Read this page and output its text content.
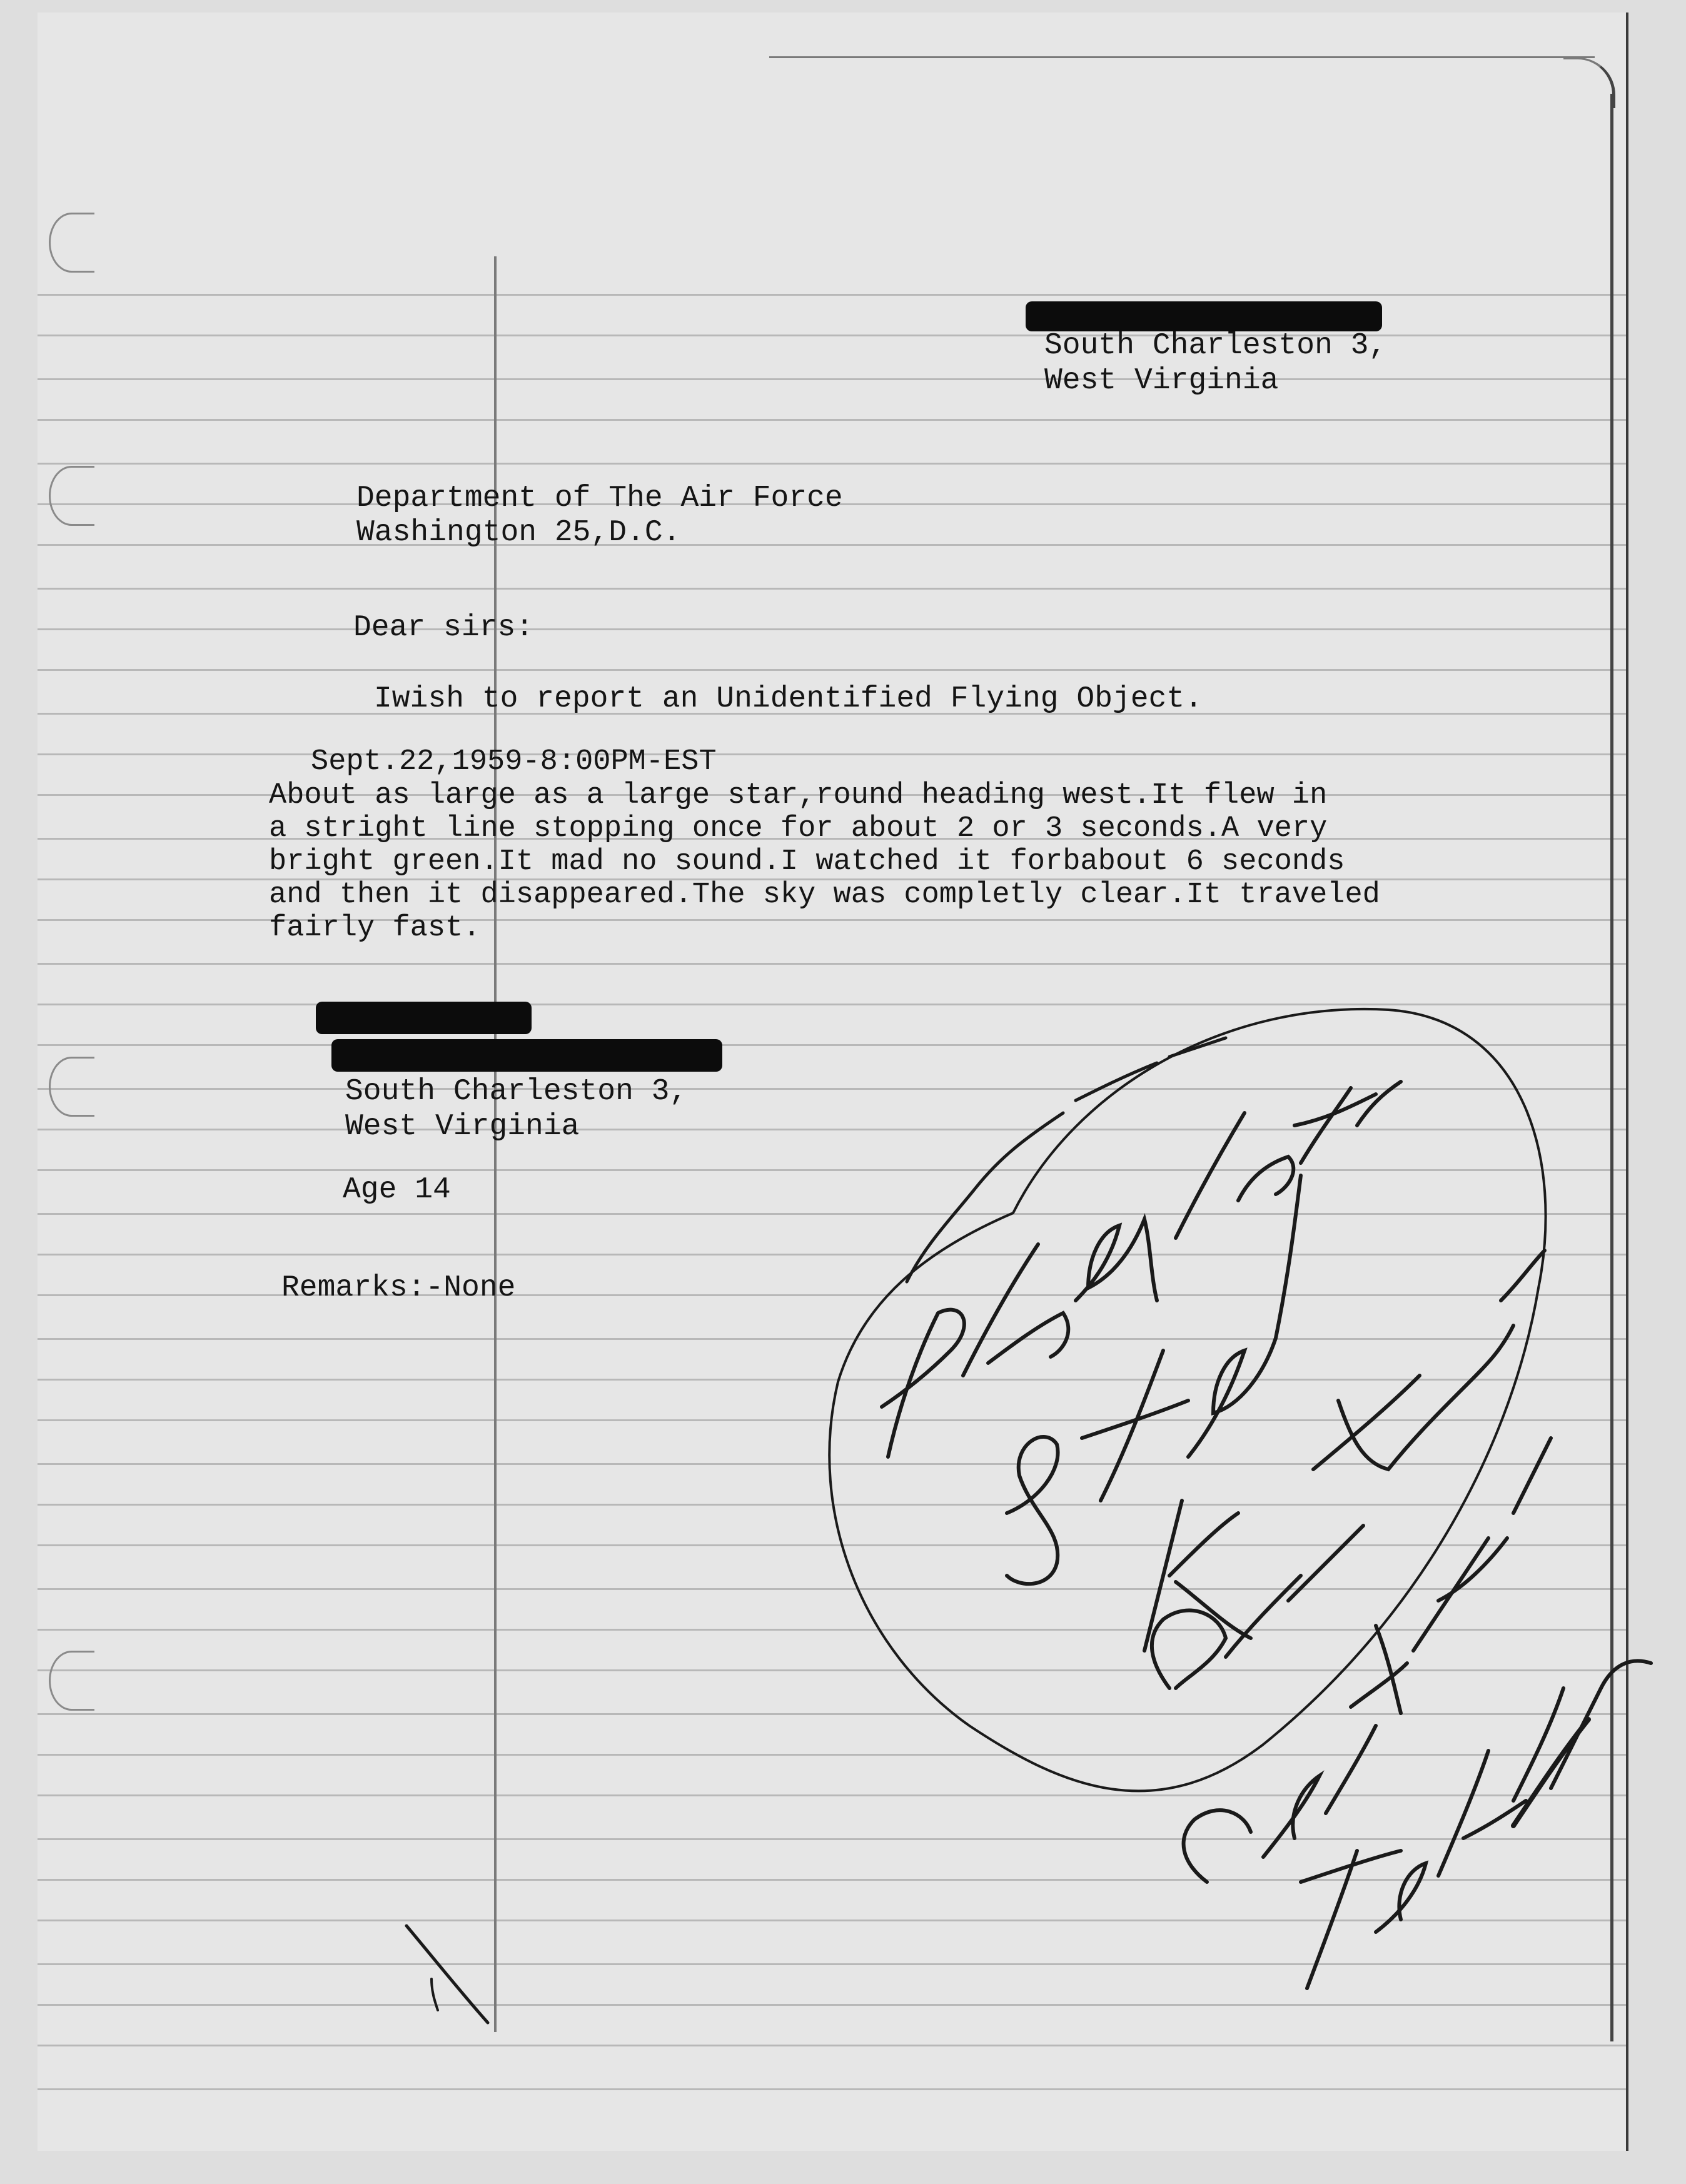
South Charleston 3,
West Virginia
Department of The Air Force
Washington 25,D.C.
Dear sirs:
Iwish to report an Unidentified Flying Object.
Sept.22,1959-8:00PM-EST
About as large as a large star,round heading west.It flew in
a stright line stopping once for about 2 or 3 seconds.A very
bright green.It mad no sound.I watched it forbabout 6 seconds
and then it disappeared.The sky was completly clear.It traveled
fairly fast.
South Charleston 3,
West Virginia
Age 14
Remarks:-None
